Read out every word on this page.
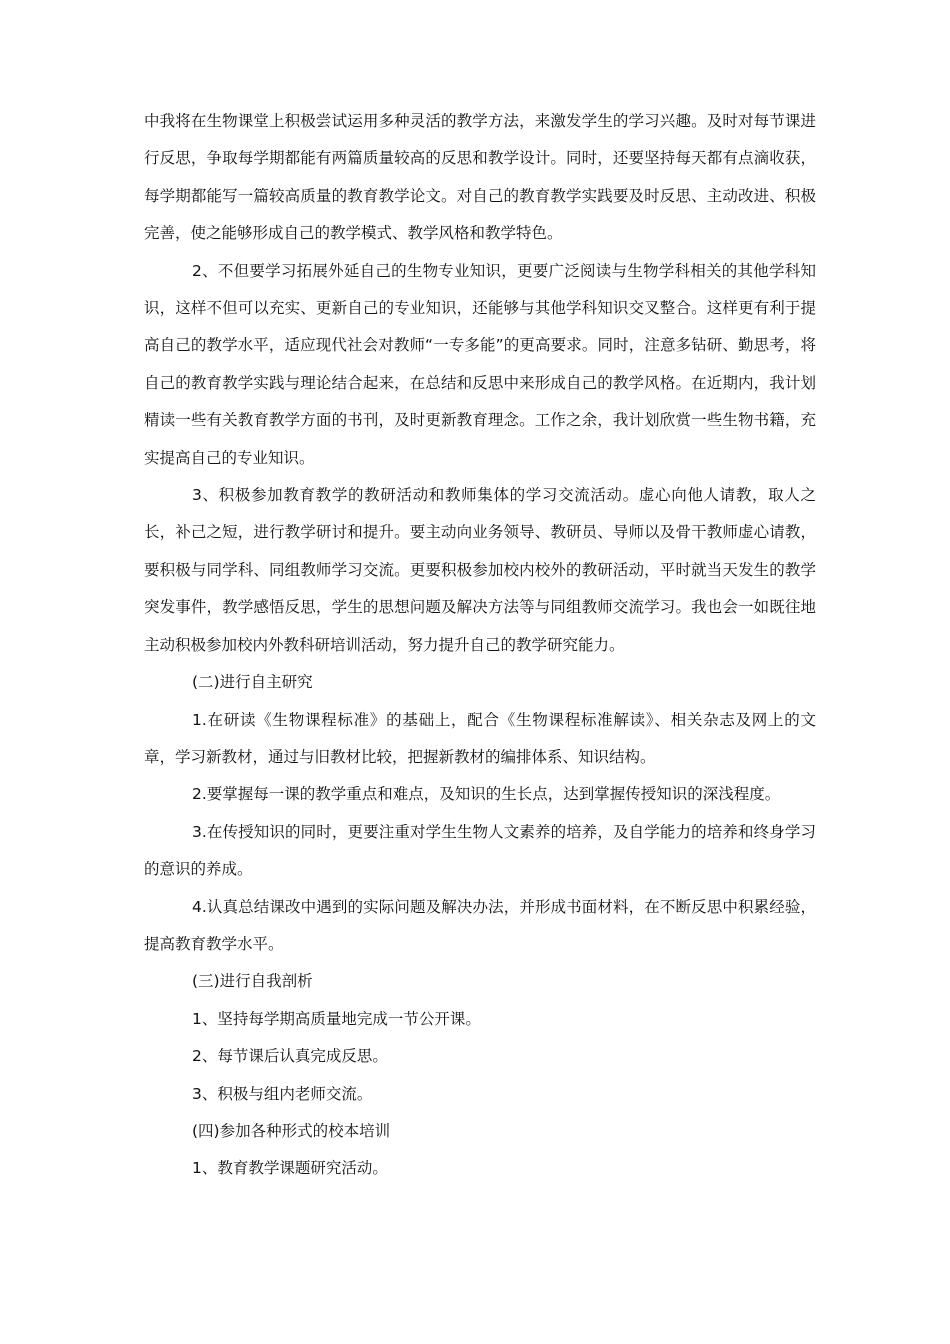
中我将在生物课堂上积极尝试运用多种灵活的教学方法，来激发学生的学习兴趣。及时对每节课进行反思，争取每学期都能有两篇质量较高的反思和教学设计。同时，还要坚持每天都有点滴收获，每学期都能写一篇较高质量的教育教学论文。对自己的教育教学实践要及时反思、主动改进、积极完善，使之能够形成自己的教学模式、教学风格和教学特色。

2、不但要学习拓展外延自己的生物专业知识，更要广泛阅读与生物学科相关的其他学科知识，这样不但可以充实、更新自己的专业知识，还能够与其他学科知识交叉整合。这样更有利于提高自己的教学水平，适应现代社会对教师“一专多能”的更高要求。同时，注意多钻研、勤思考，将自己的教育教学实践与理论结合起来，在总结和反思中来形成自己的教学风格。在近期内，我计划精读一些有关教育教学方面的书刊，及时更新教育理念。工作之余，我计划欣赏一些生物书籍，充实提高自己的专业知识。

3、积极参加教育教学的教研活动和教师集体的学习交流活动。虚心向他人请教，取人之长，补己之短，进行教学研讨和提升。要主动向业务领导、教研员、导师以及骨干教师虚心请教，要积极与同学科、同组教师学习交流。更要积极参加校内校外的教研活动，平时就当天发生的教学突发事件，教学感悟反思，学生的思想问题及解决方法等与同组教师交流学习。我也会一如既往地主动积极参加校内外教科研培训活动，努力提升自己的教学研究能力。

(二)进行自主研究

1.在研读《生物课程标准》的基础上，配合《生物课程标准解读》、相关杂志及网上的文章，学习新教材，通过与旧教材比较，把握新教材的编排体系、知识结构。

2.要掌握每一课的教学重点和难点，及知识的生长点，达到掌握传授知识的深浅程度。

3.在传授知识的同时，更要注重对学生生物人文素养的培养，及自学能力的培养和终身学习的意识的养成。

4.认真总结课改中遇到的实际问题及解决办法，并形成书面材料，在不断反思中积累经验，提高教育教学水平。

(三)进行自我剖析

1、坚持每学期高质量地完成一节公开课。

2、每节课后认真完成反思。

3、积极与组内老师交流。

(四)参加各种形式的校本培训

1、教育教学课题研究活动。
